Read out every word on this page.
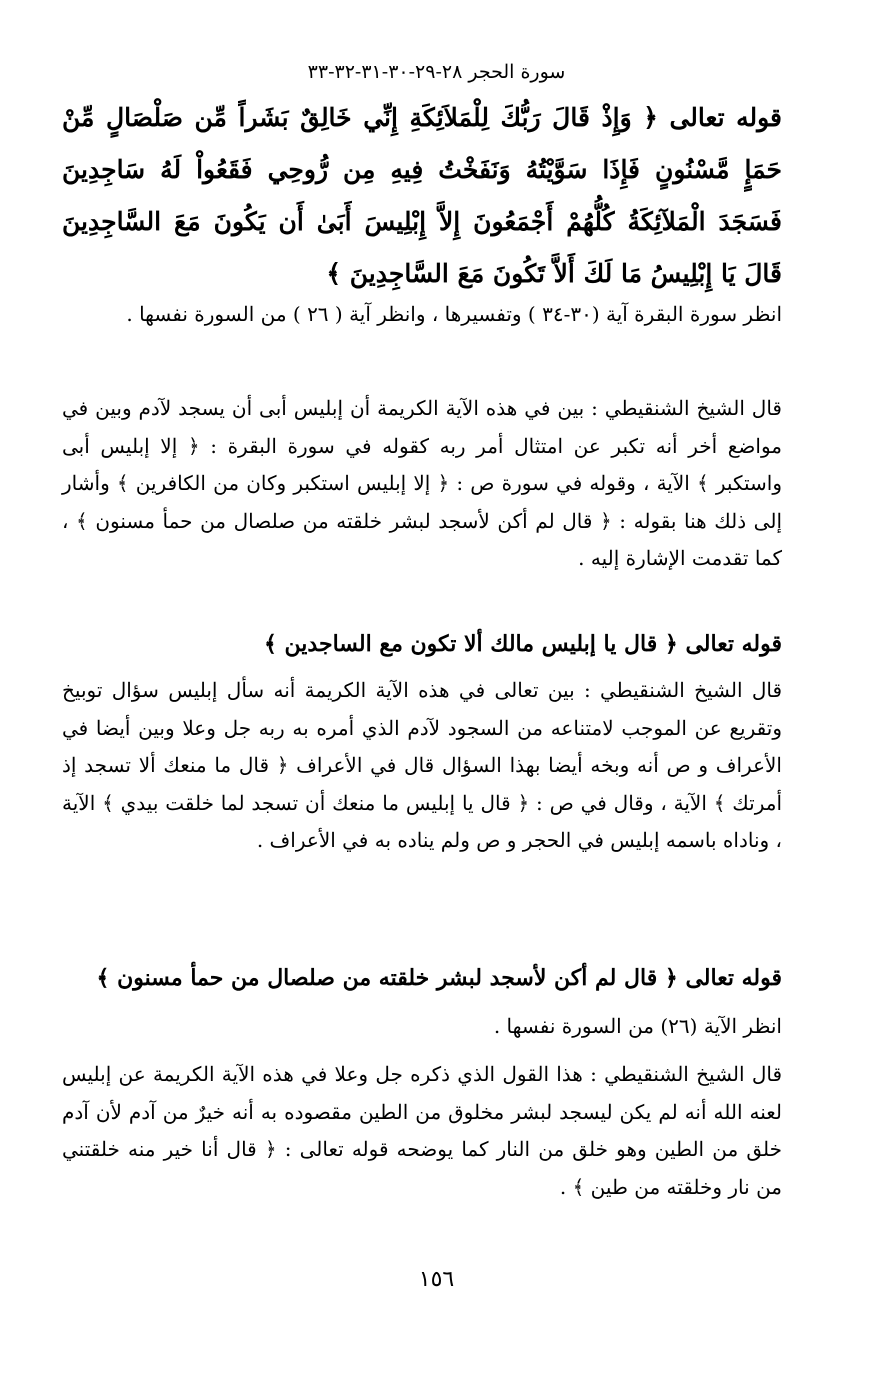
سورة الحجر ٢٨-٢٩-٣٠-٣١-٣٢-٣٣
قوله تعالى ﴿ وَإِذْ قَالَ رَبُّكَ لِلْمَلاَئِكَةِ إِنِّي خَالِقٌ بَشَراً مِّن صَلْصَالٍ مِّنْ حَمَإٍ مَّسْنُونٍ فَإِذَا سَوَّيْتُهُ وَنَفَخْتُ فِيهِ مِن رُّوحِي فَقَعُواْ لَهُ سَاجِدِينَ فَسَجَدَ الْمَلآئِكَةُ كُلُّهُمْ أَجْمَعُونَ إِلاَّ إِبْلِيسَ أَبَىٰ أَن يَكُونَ مَعَ السَّاجِدِينَ قَالَ يَا إِبْلِيسُ مَا لَكَ أَلاَّ تَكُونَ مَعَ السَّاجِدِينَ ﴾

انظر سورة البقرة آية (٣٠-٣٤ ) وتفسيرها ، وانظر آية ( ٢٦ ) من السورة نفسها .

قال الشيخ الشنقيطي : بين في هذه الآية الكريمة أن إبليس أبى أن يسجد لآدم وبين في مواضع أخر أنه تكبر عن امتثال أمر ربه كقوله في سورة البقرة : ﴿ إلا إبليس أبى واستكبر ﴾ الآية ، وقوله في سورة ص : ﴿ إلا إبليس استكبر وكان من الكافرين ﴾ وأشار إلى ذلك هنا بقوله : ﴿ قال لم أكن لأسجد لبشر خلقته من صلصال من حمأ مسنون ﴾ ، كما تقدمت الإشارة إليه .

قوله تعالى ﴿ قال يا إبليس مالك ألا تكون مع الساجدين ﴾

قال الشيخ الشنقيطي : بين تعالى في هذه الآية الكريمة أنه سأل إبليس سؤال توبيخ وتقريع عن الموجب لامتناعه من السجود لآدم الذي أمره به ربه جل وعلا وبين أيضا في الأعراف و ص أنه وبخه أيضا بهذا السؤال قال في الأعراف ﴿ قال ما منعك ألا تسجد إذ أمرتك ﴾ الآية ، وقال في ص : ﴿ قال يا إبليس ما منعك أن تسجد لما خلقت بيدي ﴾ الآية ، وناداه باسمه إبليس في الحجر و ص ولم يناده به في الأعراف .

قوله تعالى ﴿ قال لم أكن لأسجد لبشر خلقته من صلصال من حمأ مسنون ﴾

انظر الآية (٢٦) من السورة نفسها .

قال الشيخ الشنقيطي : هذا القول الذي ذكره جل وعلا في هذه الآية الكريمة عن إبليس لعنه الله أنه لم يكن ليسجد لبشر مخلوق من الطين مقصوده به أنه خيرٌ من آدم لأن آدم خلق من الطين وهو خلق من النار كما يوضحه قوله تعالى : ﴿ قال أنا خير منه خلقتني من نار وخلقته من طين ﴾ .

١٥٦
